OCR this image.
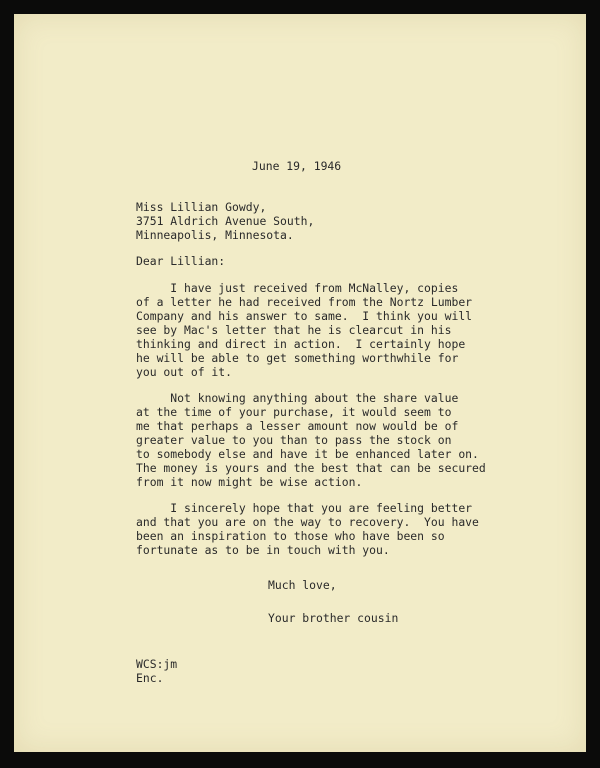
June 19, 1946
Miss Lillian Gowdy,
3751 Aldrich Avenue South,
Minneapolis, Minnesota.
Dear Lillian:
I have just received from McNalley, copies
of a letter he had received from the Nortz Lumber
Company and his answer to same.  I think you will
see by Mac's letter that he is clearcut in his
thinking and direct in action.  I certainly hope
he will be able to get something worthwhile for
you out of it.
Not knowing anything about the share value
at the time of your purchase, it would seem to
me that perhaps a lesser amount now would be of
greater value to you than to pass the stock on
to somebody else and have it be enhanced later on.
The money is yours and the best that can be secured
from it now might be wise action.
I sincerely hope that you are feeling better
and that you are on the way to recovery.  You have
been an inspiration to those who have been so
fortunate as to be in touch with you.
Much love,
Your brother cousin
WCS:jm
Enc.
